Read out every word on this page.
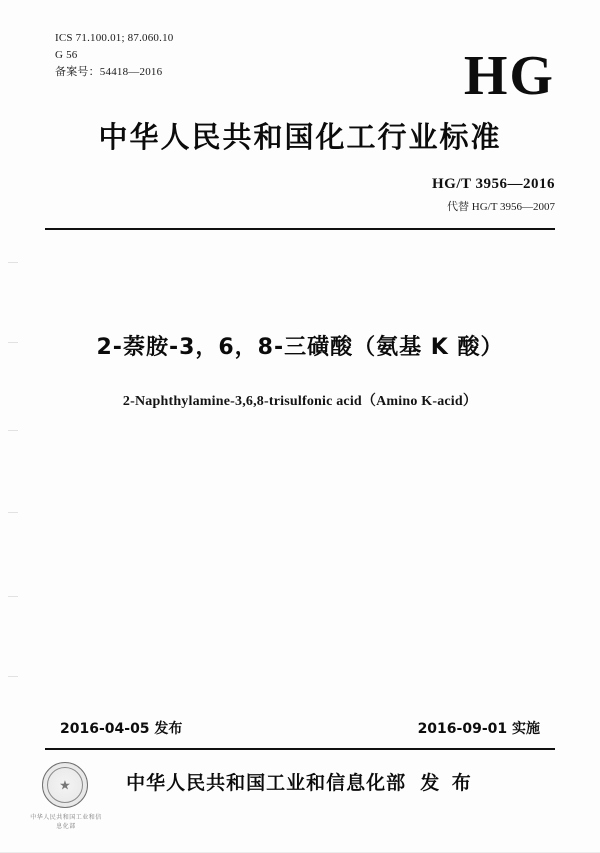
ICS 71.100.01; 87.060.10
G 56
备案号：54418—2016	HG
中华人民共和国化工行业标准
HG/T 3956—2016
代替 HG/T 3956—2007
2-萘胺-3，6，8-三磺酸（氨基 K 酸）
2-Naphthylamine-3,6,8-trisulfonic acid（Amino K-acid）
2016-04-05 发布	2016-09-01 实施
中华人民共和国工业和信息化部 发 布
★
中华人民共和国工业和信息化部
